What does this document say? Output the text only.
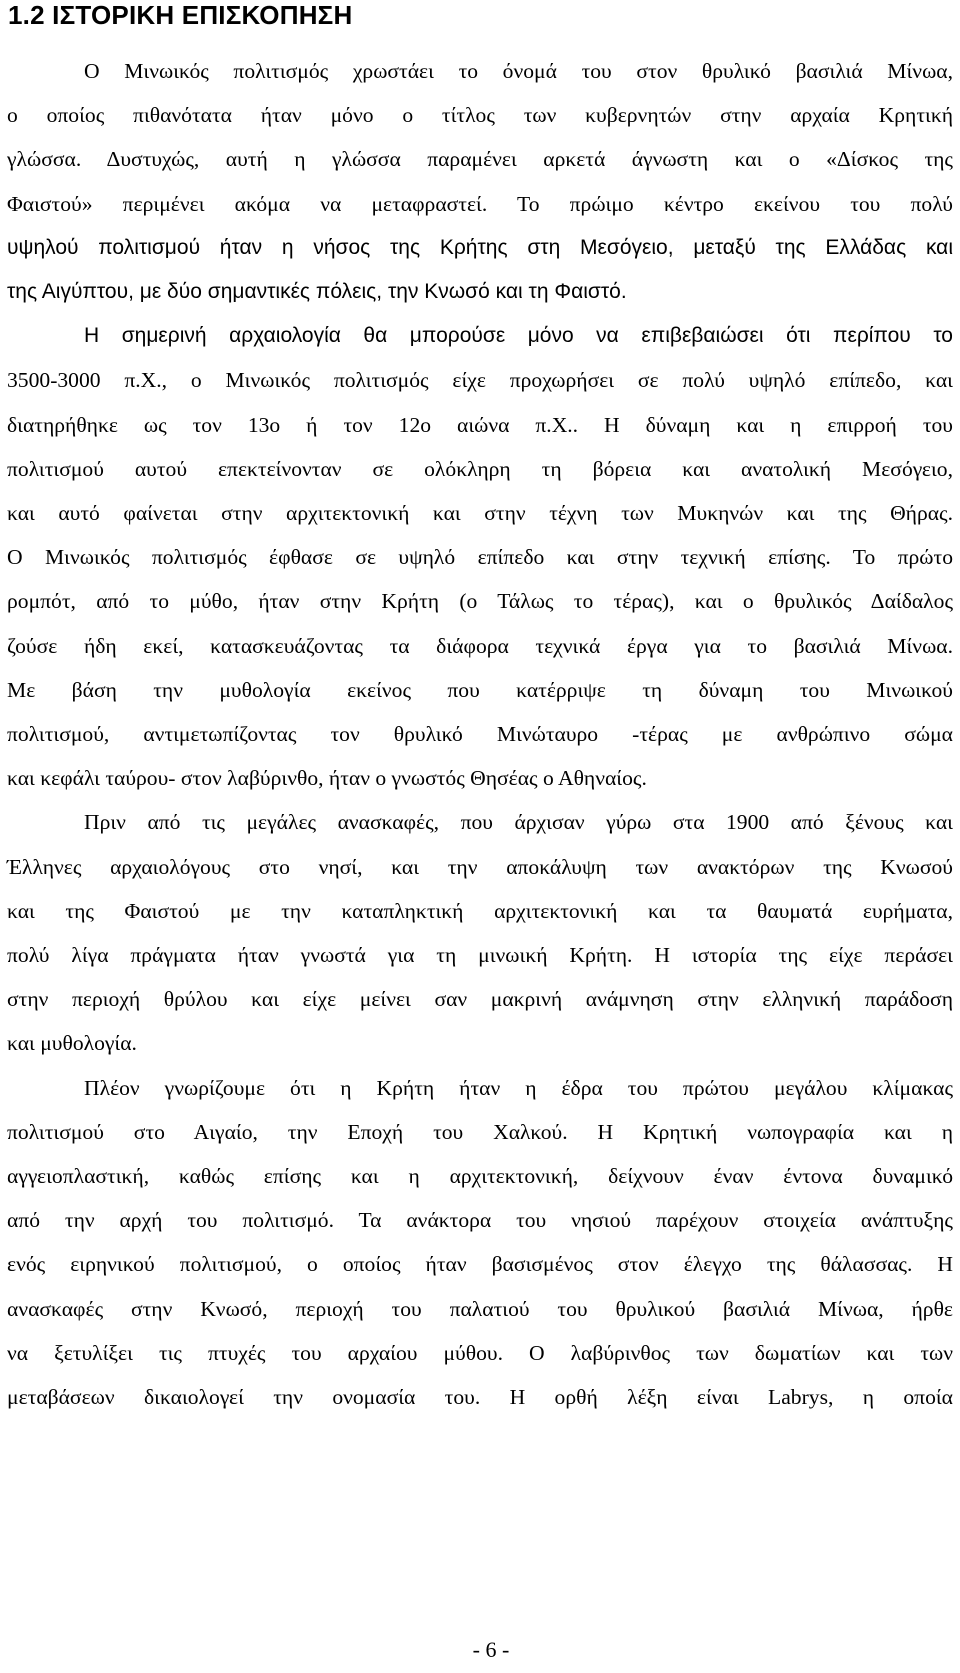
1.2 ΙΣΤΟΡΙΚΗ ΕΠΙΣΚΟΠΗΣΗ

Ο Μινωικός πολιτισμός χρωστάει το όνομά του στον θρυλικό βασιλιά Μίνωα,
ο οποίος πιθανότατα ήταν μόνο ο τίτλος των κυβερνητών στην αρχαία Κρητική
γλώσσα. Δυστυχώς, αυτή η γλώσσα παραμένει αρκετά άγνωστη και ο «Δίσκος της
Φαιστού» περιμένει ακόμα να μεταφραστεί. Το πρώιμο κέντρο εκείνου του πολύ
υψηλού πολιτισμού ήταν η νήσος της Κρήτης στη Μεσόγειο, μεταξύ της Ελλάδας και
της Αιγύπτου, με δύο σημαντικές πόλεις, την Κνωσό και τη Φαιστό.

Η σημερινή αρχαιολογία θα μπορούσε μόνο να επιβεβαιώσει ότι περίπου το
3500-3000 π.Χ., ο Μινωικός πολιτισμός είχε προχωρήσει σε πολύ υψηλό επίπεδο, και
διατηρήθηκε ως τον 13ο ή τον 12ο αιώνα π.Χ.. Η δύναμη και η επιρροή του
πολιτισμού αυτού επεκτείνονταν σε ολόκληρη τη βόρεια και ανατολική Μεσόγειο,
και αυτό φαίνεται στην αρχιτεκτονική και στην τέχνη των Μυκηνών και της Θήρας.
Ο Μινωικός πολιτισμός έφθασε σε υψηλό επίπεδο και στην τεχνική επίσης. Το πρώτο
ρομπότ, από το μύθο, ήταν στην Κρήτη (ο Τάλως το τέρας), και ο θρυλικός Δαίδαλος
ζούσε ήδη εκεί, κατασκευάζοντας τα διάφορα τεχνικά έργα για το βασιλιά Μίνωα.
Με βάση την μυθολογία εκείνος που κατέρριψε τη δύναμη του Μινωικού
πολιτισμού, αντιμετωπίζοντας τον θρυλικό Μινώταυρο -τέρας με ανθρώπινο σώμα
και κεφάλι ταύρου- στον λαβύρινθο, ήταν ο γνωστός Θησέας ο Αθηναίος.

Πριν από τις μεγάλες ανασκαφές, που άρχισαν γύρω στα 1900 από ξένους και
Έλληνες αρχαιολόγους στο νησί, και την αποκάλυψη των ανακτόρων της Κνωσού
και της Φαιστού με την καταπληκτική αρχιτεκτονική και τα θαυματά ευρήματα,
πολύ λίγα πράγματα ήταν γνωστά για τη μινωική Κρήτη. Η ιστορία της είχε περάσει
στην περιοχή θρύλου και είχε μείνει σαν μακρινή ανάμνηση στην ελληνική παράδοση
και μυθολογία.

Πλέον γνωρίζουμε ότι η Κρήτη ήταν η έδρα του πρώτου μεγάλου κλίμακας
πολιτισμού στο Αιγαίο, την Εποχή του Χαλκού. Η Κρητική νωπογραφία και η
αγγειοπλαστική, καθώς επίσης και η αρχιτεκτονική, δείχνουν έναν έντονα δυναμικό
από την αρχή του πολιτισμό. Τα ανάκτορα του νησιού παρέχουν στοιχεία ανάπτυξης
ενός ειρηνικού πολιτισμού, ο οποίος ήταν βασισμένος στον έλεγχο της θάλασσας. Η
ανασκαφές στην Κνωσό, περιοχή του παλατιού του θρυλικού βασιλιά Μίνωα, ήρθε
να ξετυλίξει τις πτυχές του αρχαίου μύθου. Ο λαβύρινθος των δωματίων και των
μεταβάσεων δικαιολογεί την ονομασία του. Η ορθή λέξη είναι Labrys, η οποία

- 6 -
